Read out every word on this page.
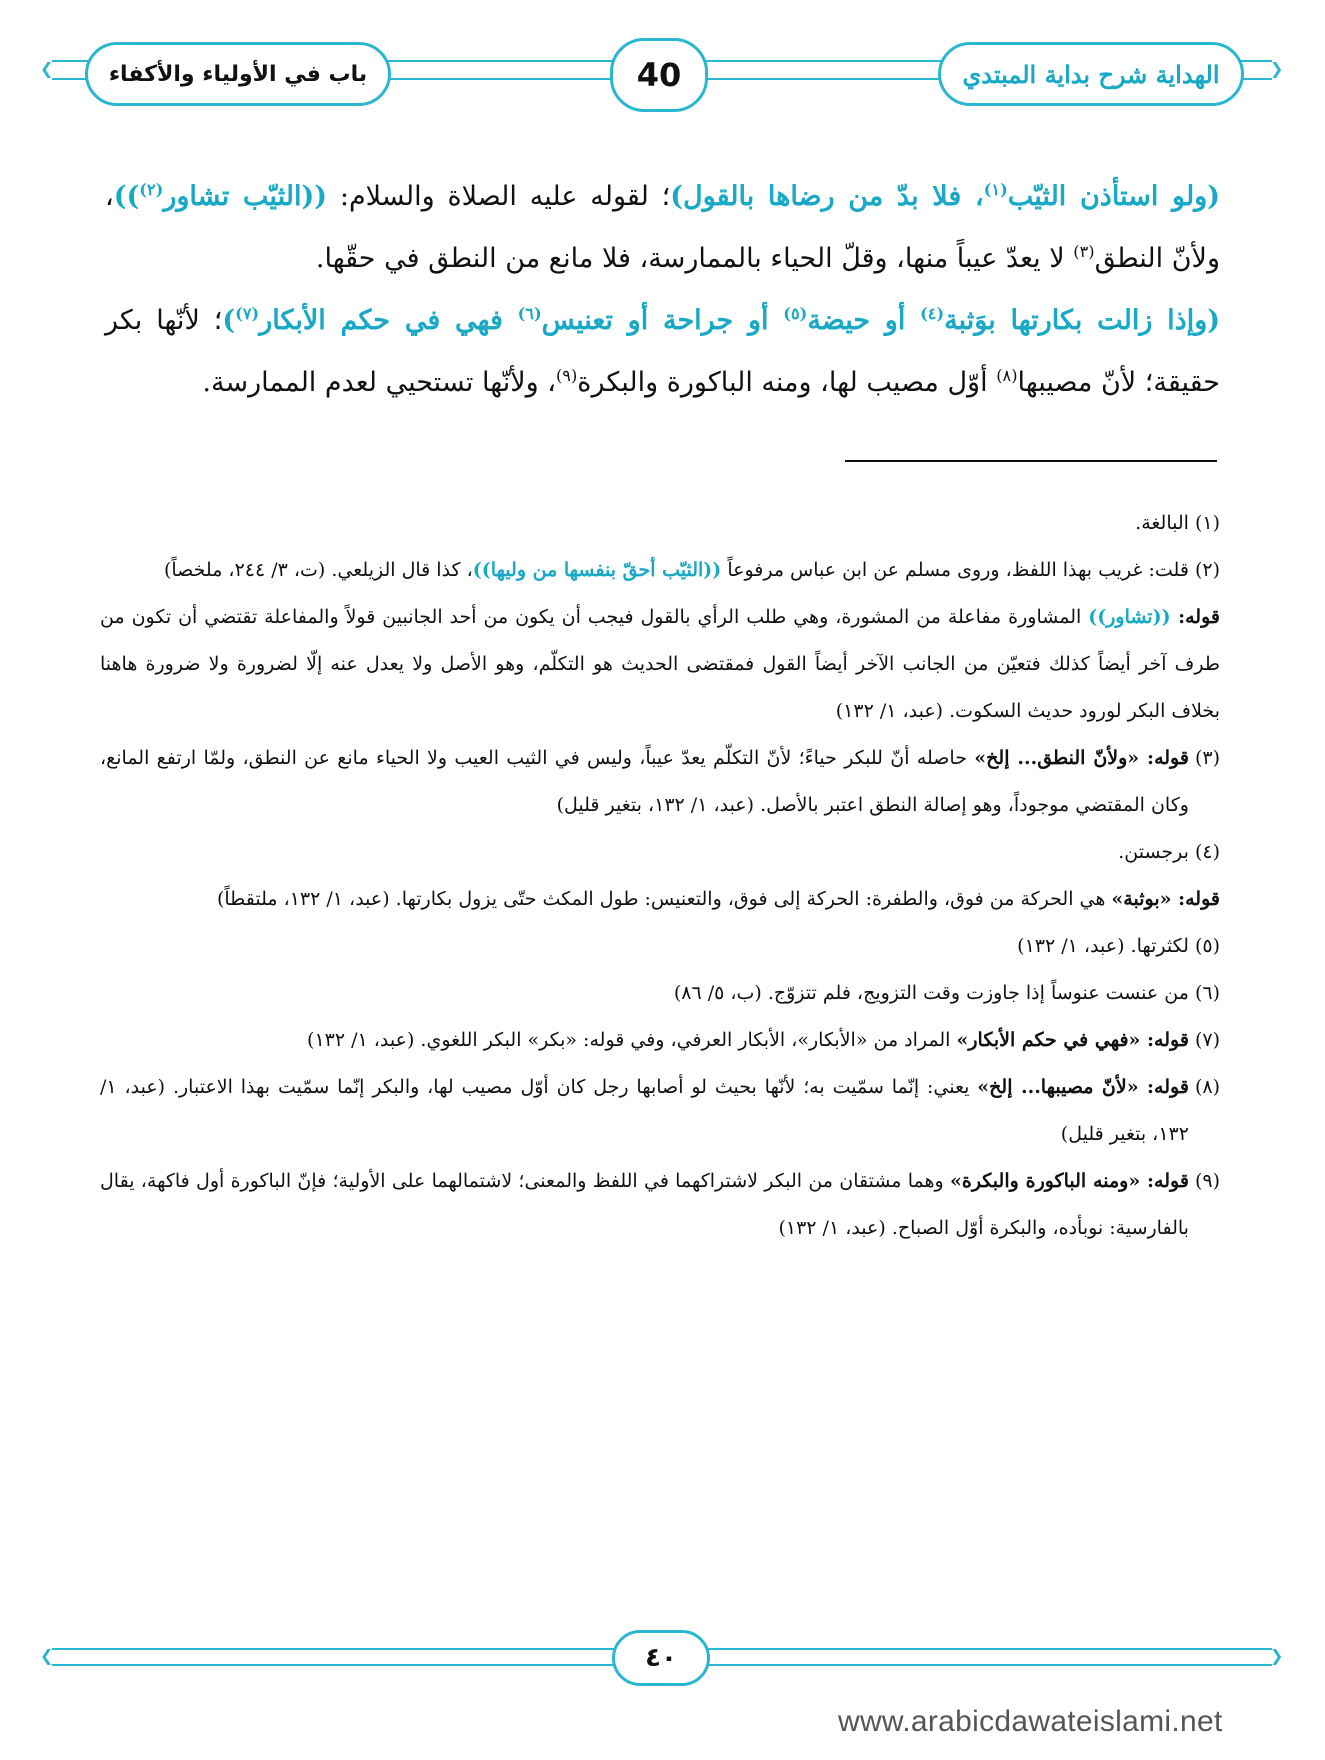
❮	❯
باب في الأولياء والأكفاء	40	الهداية شرح بداية المبتدي

(ولو استأذن الثيّب$^{(١)}$، فلا بدّ من رضاها بالقول)؛ لقوله عليه الصلاة والسلام: ((الثيّب تشاور$^{(٢)}$))، ولأنّ النطق$^{(٣)}$ لا يعدّ عيباً منها، وقلّ الحياء بالممارسة، فلا مانع من النطق في حقّها.

(وإذا زالت بكارتها بوَثبة$^{(٤)}$ أو حيضة$^{(٥)}$ أو جراحة أو تعنيس$^{(٦)}$ فهي في حكم الأبكار$^{(٧)}$)؛ لأنّها بكر حقيقة؛ لأنّ مصيبها$^{(٨)}$ أوّل مصيب لها، ومنه الباكورة والبكرة$^{(٩)}$، ولأنّها تستحيي لعدم الممارسة.

(١)
البالغة.
(٢)
قلت: غريب بهذا اللفظ، وروى مسلم عن ابن عباس مرفوعاً ((الثيّب أحقّ بنفسها من وليها))، كذا قال الزيلعي. (ت، ٣/ ٢٤٤، ملخصاً)
قوله: ((تشاور)) المشاورة مفاعلة من المشورة، وهي طلب الرأي بالقول فيجب أن يكون من أحد الجانبين قولاً والمفاعلة تقتضي أن تكون من طرف آخر أيضاً كذلك فتعيّن من الجانب الآخر أيضاً القول فمقتضى الحديث هو التكلّم، وهو الأصل ولا يعدل عنه إلّا لضرورة ولا ضرورة هاهنا بخلاف البكر لورود حديث السكوت. (عبد، ١/ ١٣٢)
(٣)
قوله: «ولأنّ النطق... إلخ» حاصله أنّ للبكر حياءً؛ لأنّ التكلّم يعدّ عيباً، وليس في الثيب العيب ولا الحياء مانع عن النطق، ولمّا ارتفع المانع، وكان المقتضي موجوداً، وهو إصالة النطق اعتبر بالأصل. (عبد، ١/ ١٣٢، بتغير قليل)
(٤)
برجستن.
قوله: «بوثبة» هي الحركة من فوق، والطفرة: الحركة إلى فوق، والتعنيس: طول المكث حتّى يزول بكارتها. (عبد، ١/ ١٣٢، ملتقطاً)
(٥)
لكثرتها. (عبد، ١/ ١٣٢)
(٦)
من عنست عنوساً إذا جاوزت وقت التزويج، فلم تتزوّج. (ب، ٥/ ٨٦)
(٧)
قوله: «فهي في حكم الأبكار» المراد من «الأبكار»، الأبكار العرفي، وفي قوله: «بكر» البكر اللغوي. (عبد، ١/ ١٣٢)
(٨)
قوله: «لأنّ مصيبها... إلخ» يعني: إنّما سمّيت به؛ لأنّها بحيث لو أصابها رجل كان أوّل مصيب لها، والبكر إنّما سمّيت بهذا الاعتبار. (عبد، ١/ ١٣٢، بتغير قليل)
(٩)
قوله: «ومنه الباكورة والبكرة» وهما مشتقان من البكر لاشتراكهما في اللفظ والمعنى؛ لاشتمالهما على الأولية؛ فإنّ الباكورة أول فاكهة، يقال بالفارسية: نوبأده، والبكرة أوّل الصباح. (عبد، ١/ ١٣٢)
❮	❯
٤٠
www.arabicdawateislami.net
